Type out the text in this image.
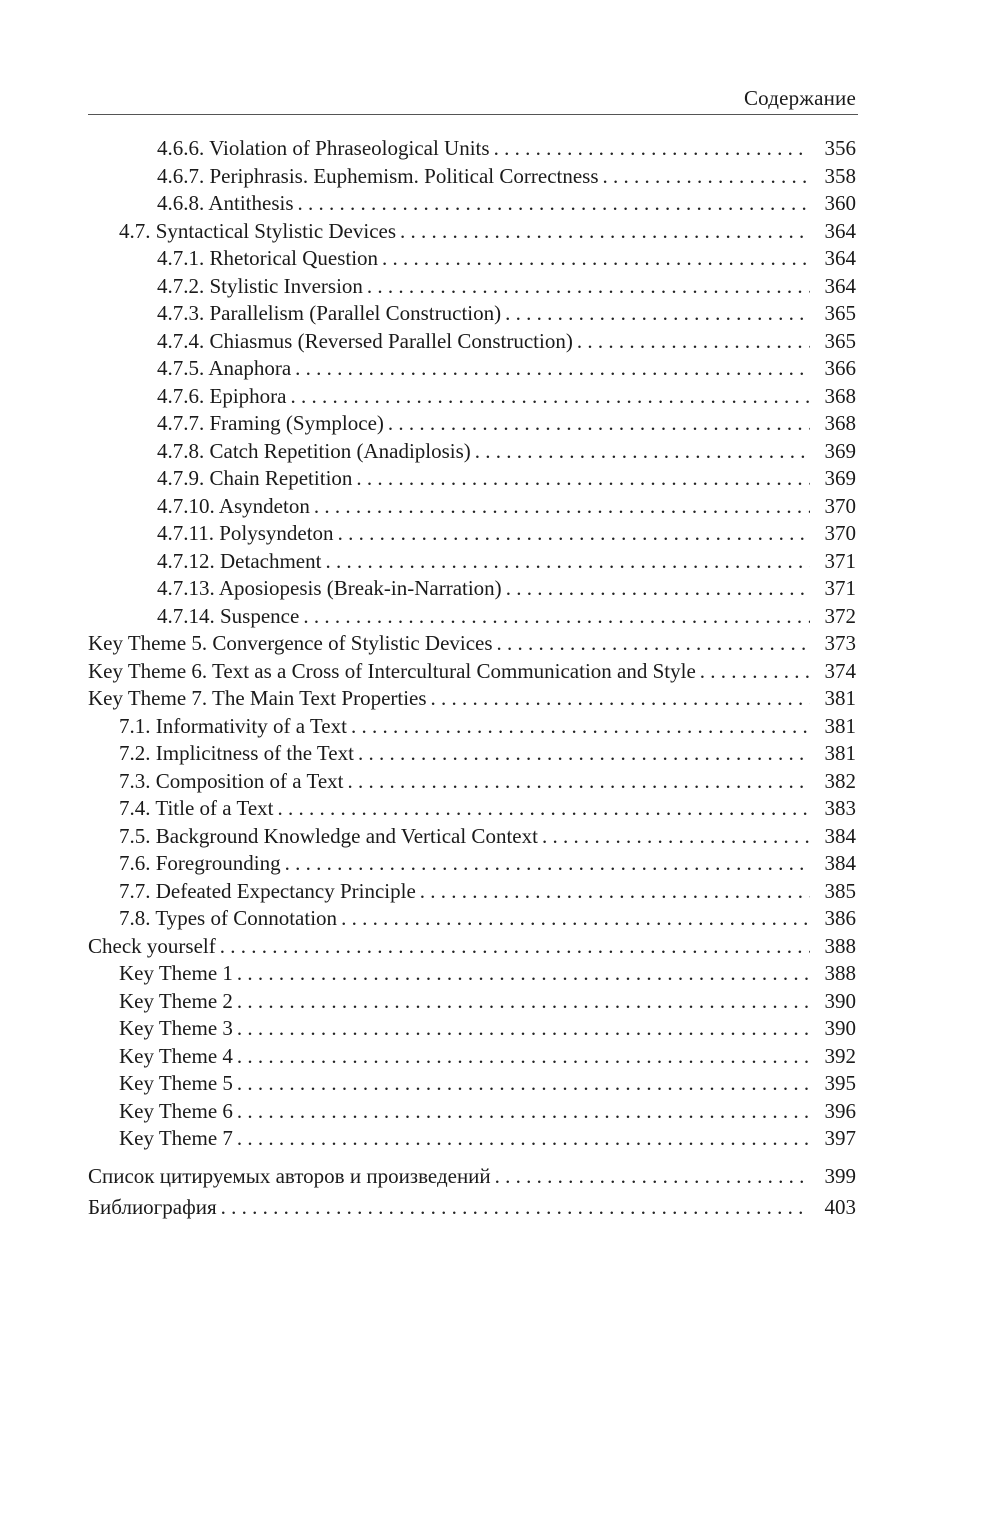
Содержание
4.6.6. Violation of Phraseological Units . . .	356
4.6.7. Periphrasis. Euphemism. Political Correctness . . .	358
4.6.8. Antithesis . . .	360
4.7. Syntactical Stylistic Devices . . .	364
4.7.1. Rhetorical Question . . .	364
4.7.2. Stylistic Inversion . . .	364
4.7.3. Parallelism (Parallel Construction) . . .	365
4.7.4. Chiasmus (Reversed Parallel Construction) . . .	365
4.7.5. Anaphora . . .	366
4.7.6. Epiphora . . .	368
4.7.7. Framing (Symploce) . . .	368
4.7.8. Catch Repetition (Anadiplosis) . . .	369
4.7.9. Chain Repetition . . .	369
4.7.10. Asyndeton . . .	370
4.7.11. Polysyndeton . . .	370
4.7.12. Detachment . . .	371
4.7.13. Aposiopesis (Break-in-Narration) . . .	371
4.7.14. Suspence . . .	372
Key Theme 5. Convergence of Stylistic Devices . . .	373
Key Theme 6. Text as a Cross of Intercultural Communication and Style . . .	374
Key Theme 7. The Main Text Properties . . .	381
7.1. Informativity of a Text . . .	381
7.2. Implicitness of the Text . . .	381
7.3. Composition of a Text . . .	382
7.4. Title of a Text . . .	383
7.5. Background Knowledge and Vertical Context . . .	384
7.6. Foregrounding . . .	384
7.7. Defeated Expectancy Principle . . .	385
7.8. Types of Connotation . . .	386
Check yourself . . .	388
Key Theme 1 . . .	388
Key Theme 2 . . .	390
Key Theme 3 . . .	390
Key Theme 4 . . .	392
Key Theme 5 . . .	395
Key Theme 6 . . .	396
Key Theme 7 . . .	397
Список цитируемых авторов и произведений . . .	399
Библиография . . .	403
